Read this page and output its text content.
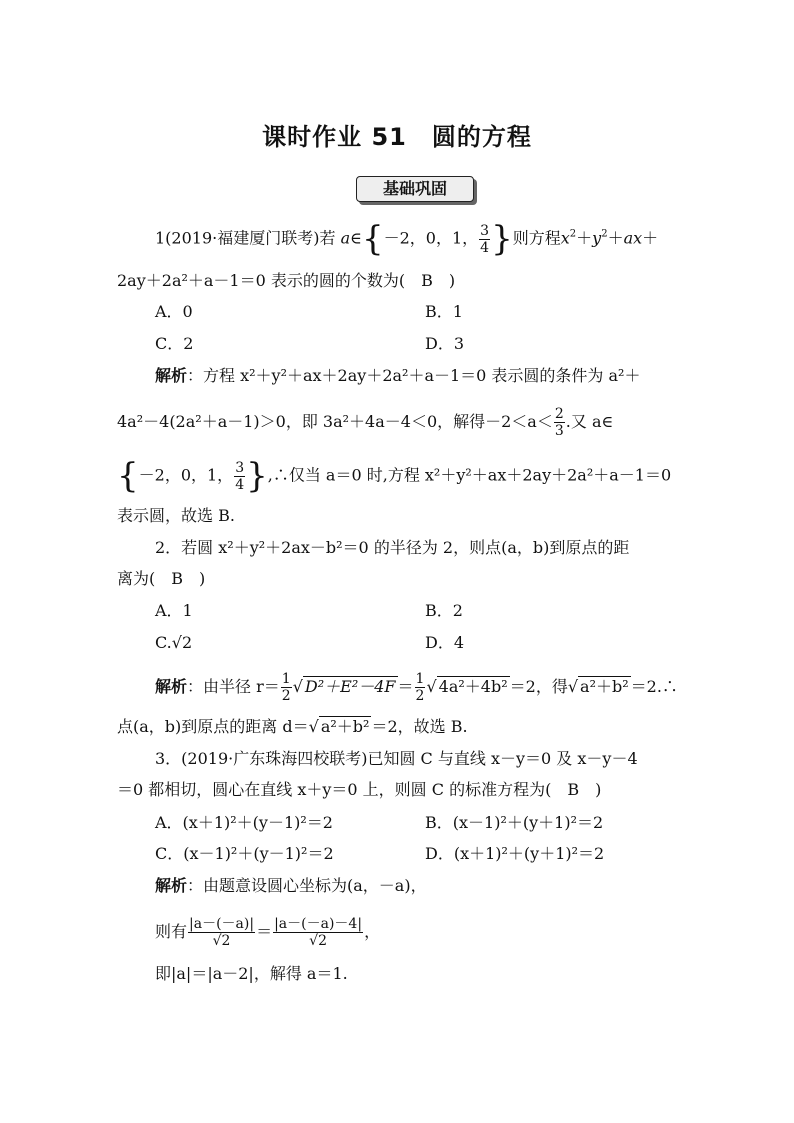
课时作业 51　圆的方程
基础巩固
1(2019·福建厦门联考)若 a∈{－2，0，1， $\frac{3}{4}$ }则方程$x^2+y^2+ax+$
2ay＋2a²＋a－1＝0 表示的圆的个数为(　B　)
A．0	B．1
C．2	D．3
解析：方程 x²＋y²＋ax＋2ay＋2a²＋a－1＝0 表示圆的条件为 a²＋
4a²－4(2a²＋a－1)＞0，即 3a²＋4a－4＜0，解得$-2<a< \frac{2}{3}$ .又 a∈
{－2，0，1， $\frac{3}{4}$ },∴仅当 a＝0 时,方程 x²＋y²＋ax＋2ay＋2a²＋a－1＝0
表示圆，故选 B.
2．若圆 x²＋y²＋2ax－b²＝0 的半径为 2，则点(a，b)到原点的距
离为(　B　)
A．1	B．2
C.√2	D．4
解析：由半径 $r= \frac{1}{2}$ √ $D^2+E^2-4F = \frac{1}{2}$ √ 4a²＋4b² ＝2，得√ a²＋b² ＝2.∴
点(a，b)到原点的距离 d＝√ a²＋b² ＝2，故选 B.
3．(2019·广东珠海四校联考)已知圆 C 与直线 x－y＝0 及 x－y－4
＝0 都相切，圆心在直线 x＋y＝0 上，则圆 C 的标准方程为(　B　)
A．(x＋1)²＋(y－1)²＝2	B．(x－1)²＋(y＋1)²＝2
C．(x－1)²＋(y－1)²＝2	D．(x＋1)²＋(y＋1)²＝2
解析：由题意设圆心坐标为(a，－a)，
则有 $\frac{|a-(-a)|}{√2} = \frac{|a-(-a)-4|}{√2}$ ，
即|a|＝|a－2|，解得 a＝1.
